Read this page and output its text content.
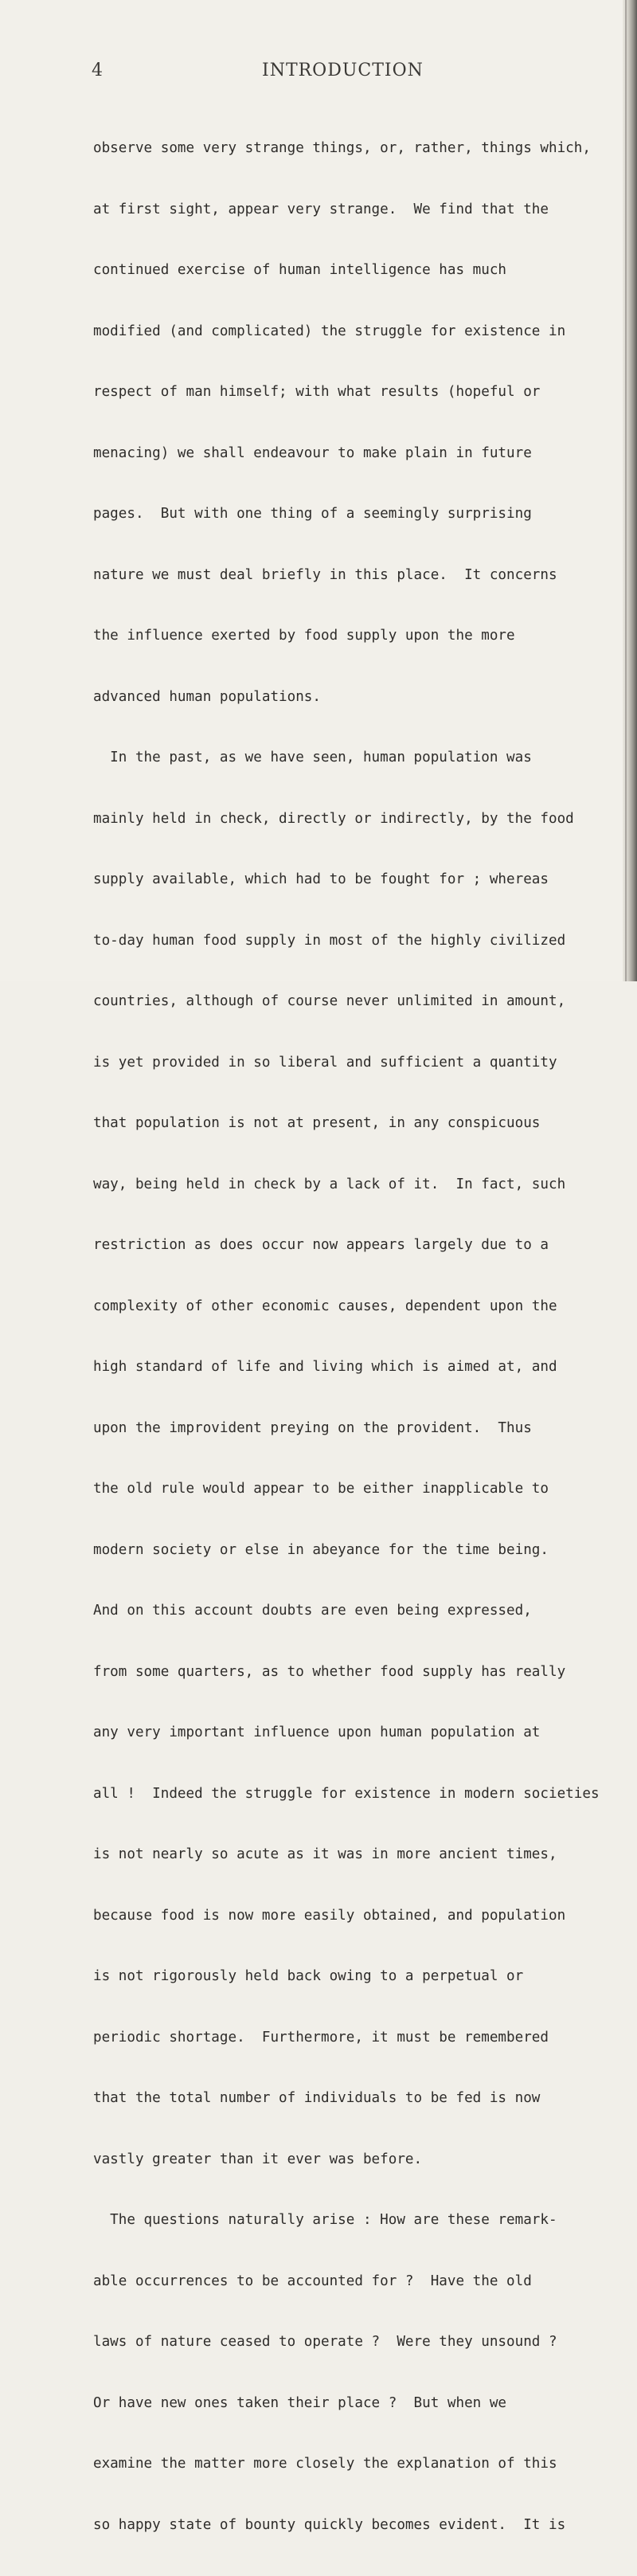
4	INTRODUCTION

observe some very strange things, or, rather, things which,

at first sight, appear very strange.  We find that the

continued exercise of human intelligence has much

modified (and complicated) the struggle for existence in

respect of man himself; with what results (hopeful or

menacing) we shall endeavour to make plain in future

pages.  But with one thing of a seemingly surprising

nature we must deal briefly in this place.  It concerns

the influence exerted by food supply upon the more

advanced human populations.

In the past, as we have seen, human population was

mainly held in check, directly or indirectly, by the food

supply available, which had to be fought for ; whereas

to-day human food supply in most of the highly civilized

countries, although of course never unlimited in amount,

is yet provided in so liberal and sufficient a quantity

that population is not at present, in any conspicuous

way, being held in check by a lack of it.  In fact, such

restriction as does occur now appears largely due to a

complexity of other economic causes, dependent upon the

high standard of life and living which is aimed at, and

upon the improvident preying on the provident.  Thus

the old rule would appear to be either inapplicable to

modern society or else in abeyance for the time being.

And on this account doubts are even being expressed,

from some quarters, as to whether food supply has really

any very important influence upon human population at

all !  Indeed the struggle for existence in modern societies

is not nearly so acute as it was in more ancient times,

because food is now more easily obtained, and population

is not rigorously held back owing to a perpetual or

periodic shortage.  Furthermore, it must be remembered

that the total number of individuals to be fed is now

vastly greater than it ever was before.

The questions naturally arise : How are these remark-

able occurrences to be accounted for ?  Have the old

laws of nature ceased to operate ?  Were they unsound ?

Or have new ones taken their place ?  But when we

examine the matter more closely the explanation of this

so happy state of bounty quickly becomes evident.  It is
